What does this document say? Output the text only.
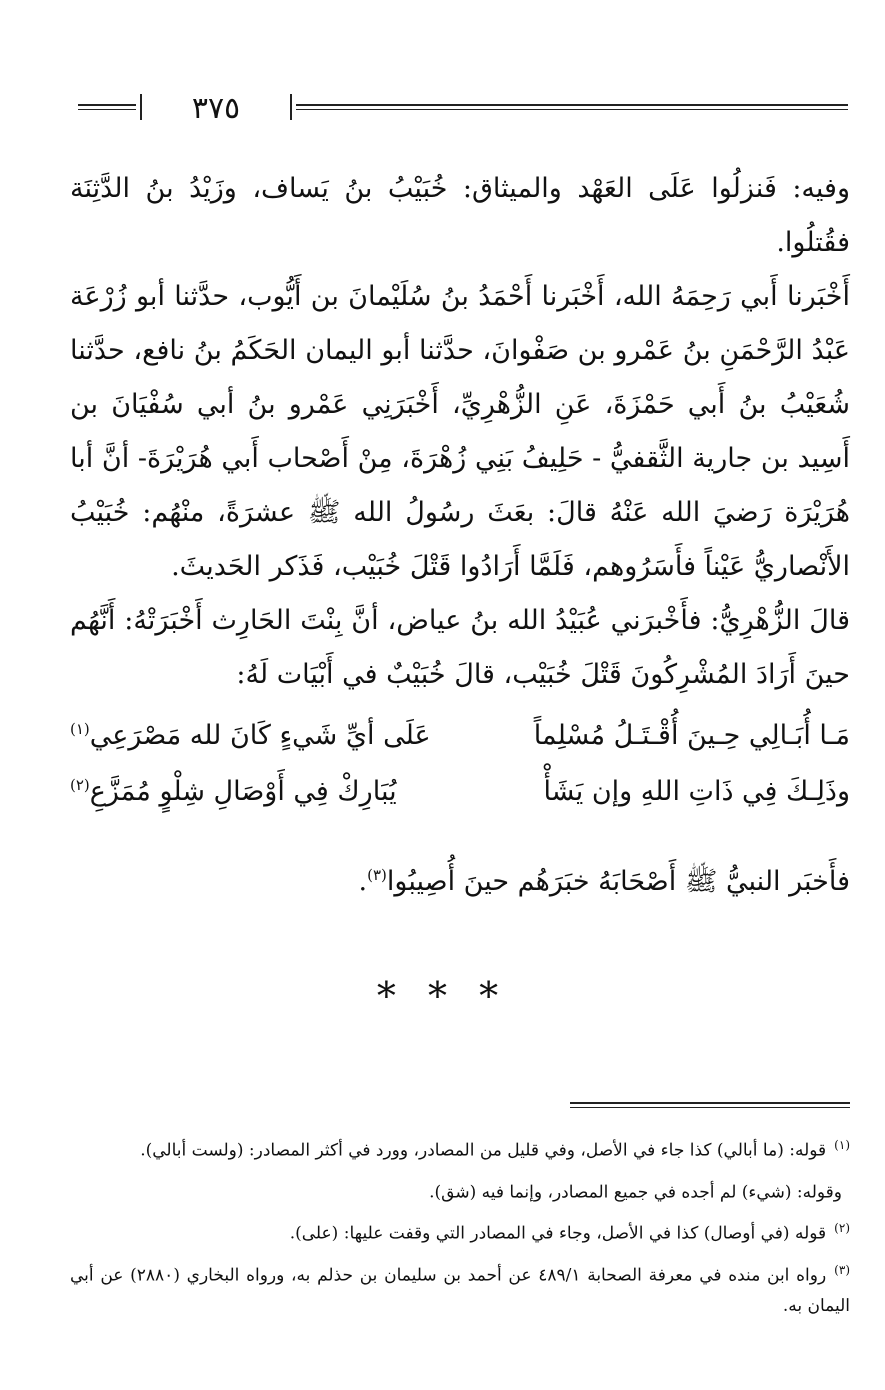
٣٧٥

وفيه: فَنزلُوا عَلَى العَهْد والميثاق: خُبَيْبُ بنُ يَساف، وزَيْدُ بنُ الدَّثِنَة فقُتلُوا.

أَخْبَرنا أَبي رَحِمَهُ الله، أَخْبَرنا أَحْمَدُ بنُ سُلَيْمانَ بن أَيُّوب، حدَّثنا أبو زُرْعَة عَبْدُ الرَّحْمَنِ بنُ عَمْرو بن صَفْوانَ، حدَّثنا أبو اليمان الحَكَمُ بنُ نافع، حدَّثنا شُعَيْبُ بنُ أَبي حَمْزَةَ، عَنِ الزُّهْرِيِّ، أَخْبَرَنِي عَمْرو بنُ أبي سُفْيَانَ بن أَسِيد بن جارية الثَّقفيُّ - حَلِيفُ بَنِي زُهْرَةَ، مِنْ أَصْحاب أَبي هُرَيْرَةَ- أنَّ أبا هُرَيْرَة رَضيَ الله عَنْهُ قالَ: بعَثَ رسُولُ الله ﷺ عشرَةً، منْهُم: خُبَيْبُ الأَنْصاريُّ عَيْناً فأَسَرُوهم، فَلَمَّا أَرَادُوا قَتْلَ خُبَيْب، فَذَكر الحَديثَ.

قالَ الزُّهْرِيُّ: فأَخْبرَني عُبَيْدُ الله بنُ عياض، أنَّ بِنْتَ الحَارِث أَخْبَرَتْهُ: أَنَّهُم حينَ أَرَادَ المُشْرِكُونَ قَتْلَ خُبَيْب، قالَ خُبَيْبٌ في أَبْيَات لَهُ:

مَـا أُبَـالِي حِـينَ أُقْـتَـلُ مُسْلِماً
عَلَى أيِّ شَيءٍ كَانَ لله مَصْرَعِي$^{(١)}$
وذَلِـكَ فِي ذَاتِ اللهِ وإن يَشَأْ
يُبَارِكْ فِي أَوْصَالِ شِلْوٍ مُمَزَّعِ$^{(٢)}$
فأَخبَر النبيُّ ﷺ أَصْحَابَهُ خبَرَهُم حينَ أُصِيبُوا$^{(٣)}$.
* * *

$^{(١)}$قوله: (ما أبالي) كذا جاء في الأصل، وفي قليل من المصادر، وورد في أكثر المصادر: (ولست أبالي).

وقوله: (شيء) لم أجده في جميع المصادر، وإنما فيه (شق).

$^{(٢)}$قوله (في أوصال) كذا في الأصل، وجاء في المصادر التي وقفت عليها: (على).

$^{(٣)}$رواه ابن منده في معرفة الصحابة ٤٨٩/١ عن أحمد بن سليمان بن حذلم به، ورواه البخاري (٢٨٨٠) عن أبي اليمان به.
